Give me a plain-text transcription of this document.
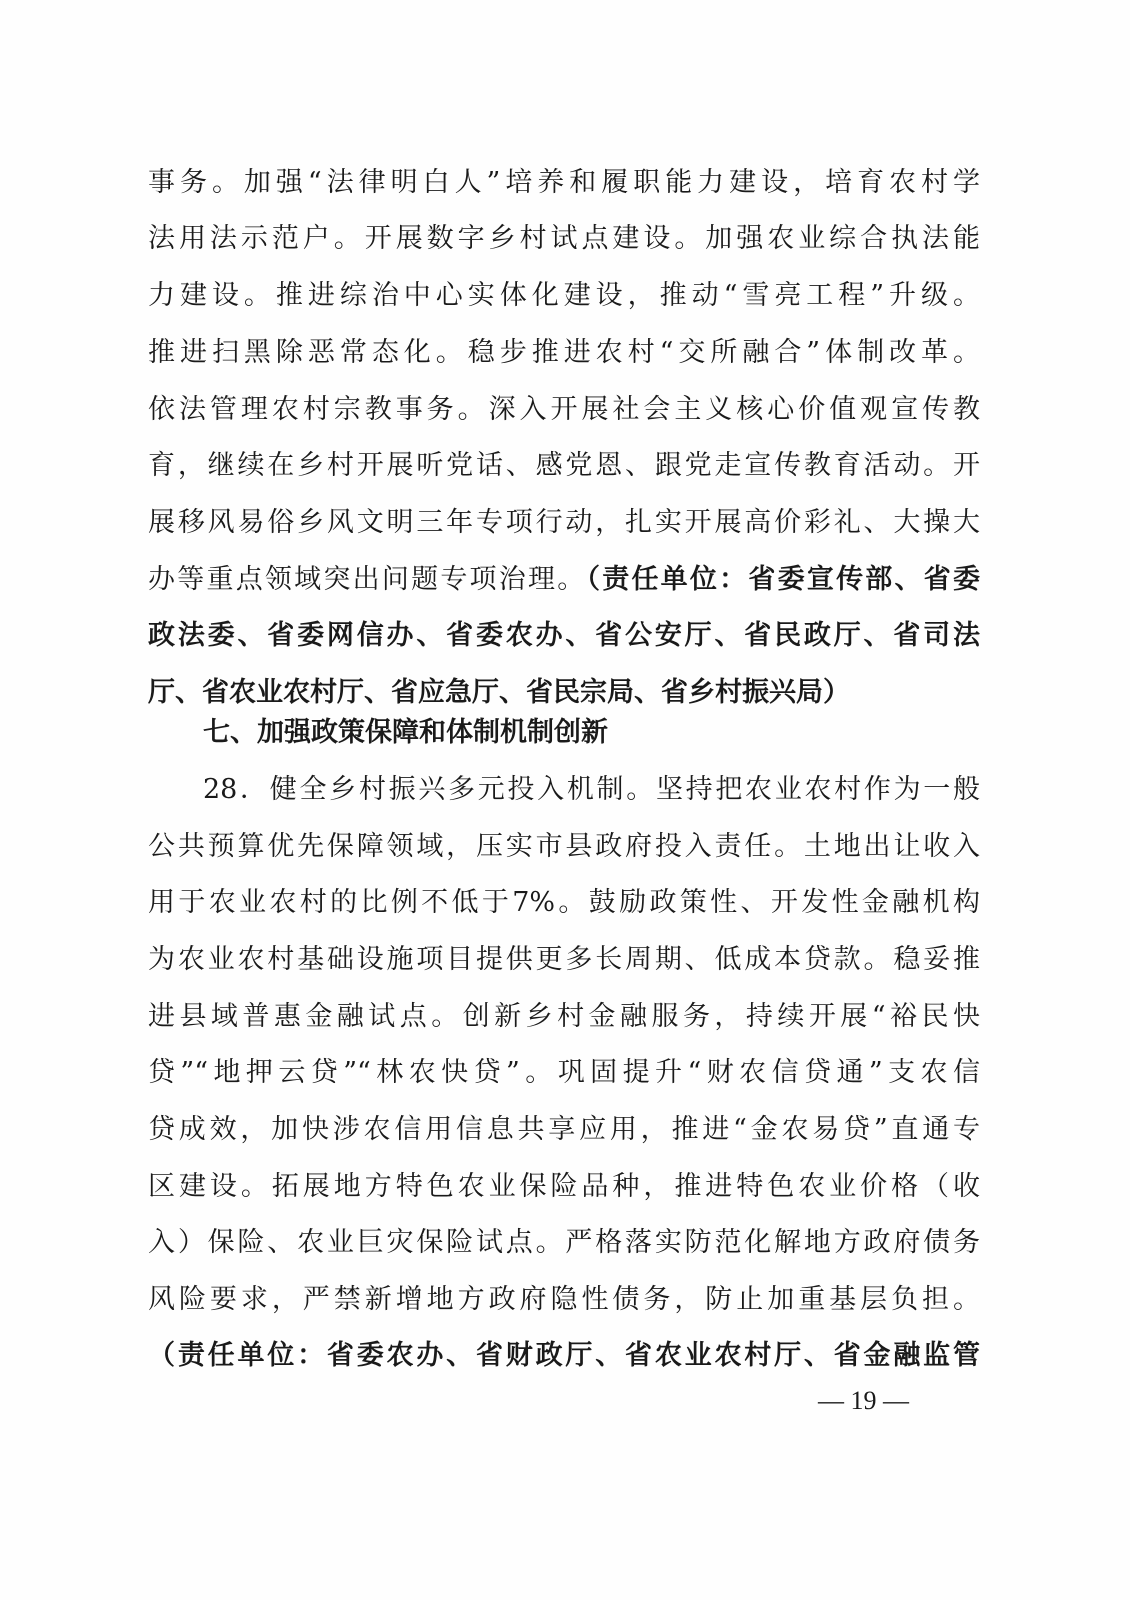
事务。加强“法律明白人”培养和履职能力建设，培育农村学
法用法示范户。开展数字乡村试点建设。加强农业综合执法能
力建设。推进综治中心实体化建设，推动“雪亮工程”升级。
推进扫黑除恶常态化。稳步推进农村“交所融合”体制改革。
依法管理农村宗教事务。深入开展社会主义核心价值观宣传教
育，继续在乡村开展听党话、感党恩、跟党走宣传教育活动。开
展移风易俗乡风文明三年专项行动，扎实开展高价彩礼、大操大
办等重点领域突出问题专项治理。（责任单位：省委宣传部、省委
政法委、省委网信办、省委农办、省公安厅、省民政厅、省司法
厅、省农业农村厅、省应急厅、省民宗局、省乡村振兴局）
七、加强政策保障和体制机制创新
28．健全乡村振兴多元投入机制。坚持把农业农村作为一般
公共预算优先保障领域，压实市县政府投入责任。土地出让收入
用于农业农村的比例不低于7%。鼓励政策性、开发性金融机构
为农业农村基础设施项目提供更多长周期、低成本贷款。稳妥推
进县域普惠金融试点。创新乡村金融服务，持续开展“裕民快
贷”“地押云贷”“林农快贷”。巩固提升“财农信贷通”支农信
贷成效，加快涉农信用信息共享应用，推进“金农易贷”直通专
区建设。拓展地方特色农业保险品种，推进特色农业价格（收
入）保险、农业巨灾保险试点。严格落实防范化解地方政府债务
风险要求，严禁新增地方政府隐性债务，防止加重基层负担。
（责任单位：省委农办、省财政厅、省农业农村厅、省金融监管
— 19 —
